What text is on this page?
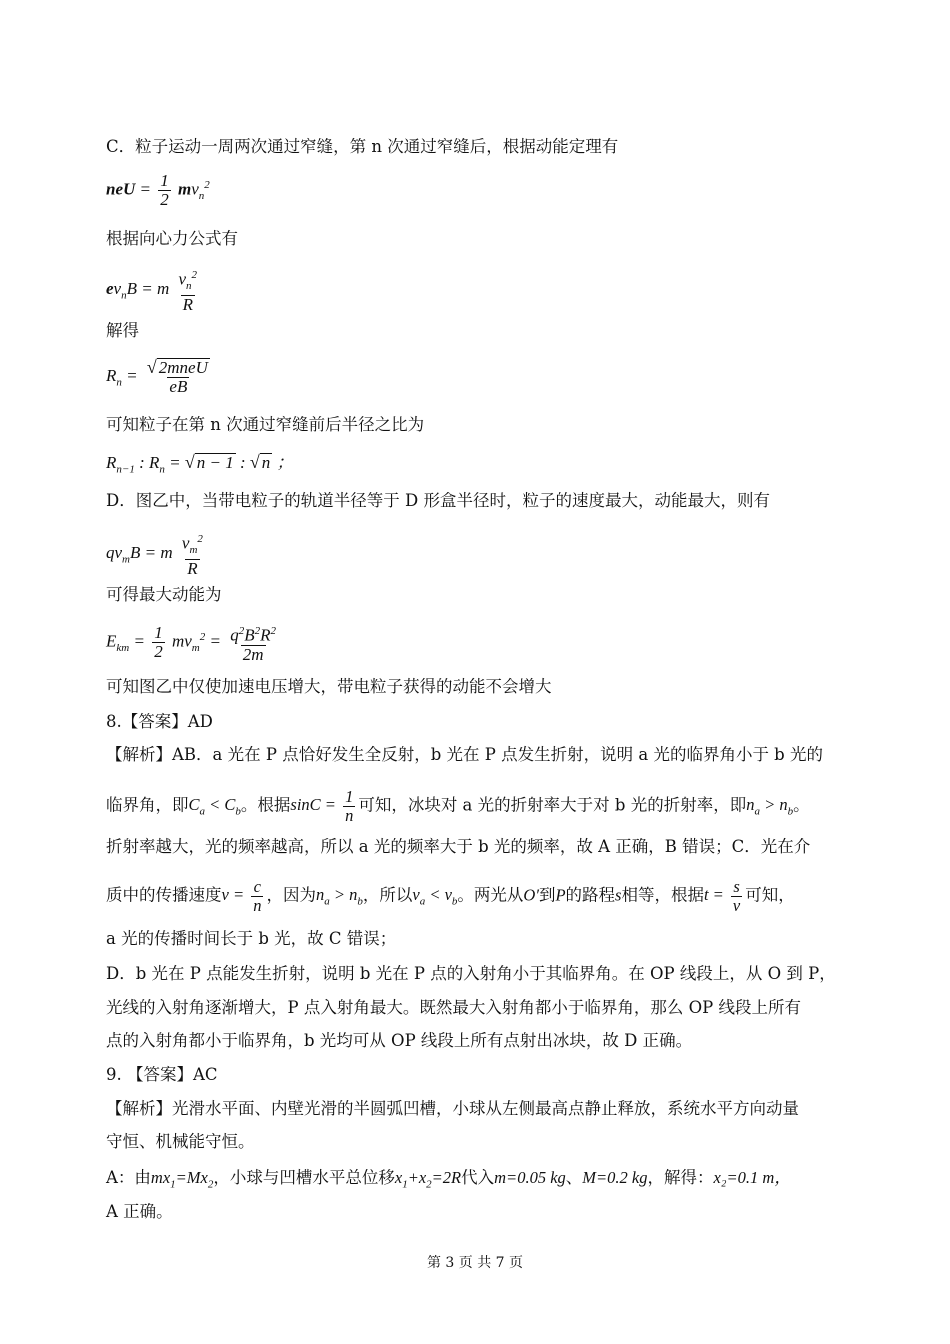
C．粒子运动一周两次通过窄缝，第 n 次通过窄缝后，根据动能定理有
neU = $\frac{1}{2} mv_n^2$
根据向心力公式有
$ev_nB = m \frac{v_n^2}{R}$
解得
$R_n = \frac{\text{√ 2mneU}}{eB}$
可知粒子在第 n 次通过窄缝前后半径之比为
$R_{n-1}$ : $R_n$ = √ n − 1 : √ n ；
D．图乙中，当带电粒子的轨道半径等于 D 形盒半径时，粒子的速度最大，动能最大，则有
$qv_mB = m \frac{v_m^2}{R}$
可得最大动能为
$E_{km} = \frac{1}{2} mv_m^2 = \frac{q^2B^2R^2}{2m}$
可知图乙中仅使加速电压增大，带电粒子获得的动能不会增大
8.【答案】AD
【解析】AB．a 光在 P 点恰好发生全反射，b 光在 P 点发生折射，说明 a 光的临界角小于 b 光的
临界角，即$C_a < C_b$。根据$\sin C = \frac{1}{n}$ 可知，冰块对 a 光的折射率大于对 b 光的折射率，即$n_a > n_b$。
折射率越大，光的频率越高，所以 a 光的频率大于 b 光的频率，故 A 正确，B 错误；C．光在介
质中的传播速度$v = \frac{c}{n}$ ，因为$n_a > n_b$，所以$v_a < v_b$。两光从O′到P的路程s相等，根据$t = \frac{s}{v}$ 可知，
a 光的传播时间长于 b 光，故 C 错误；
D．b 光在 P 点能发生折射，说明 b 光在 P 点的入射角小于其临界角。在 OP 线段上，从 O 到 P，
光线的入射角逐渐增大，P 点入射角最大。既然最大入射角都小于临界角，那么 OP 线段上所有
点的入射角都小于临界角，b 光均可从 OP 线段上所有点射出冰块，故 D 正确。
9. 【答案】AC
【解析】光滑水平面、内壁光滑的半圆弧凹槽，小球从左侧最高点静止释放，系统水平方向动量
守恒、机械能守恒。
A：由$mx_1=Mx_2$，小球与凹槽水平总位移$x_1+x_2=2R$代入m=0.05 kg、M=0.2 kg，解得：x₂=0.1 m，
A 正确。
第 3 页 共 7 页
